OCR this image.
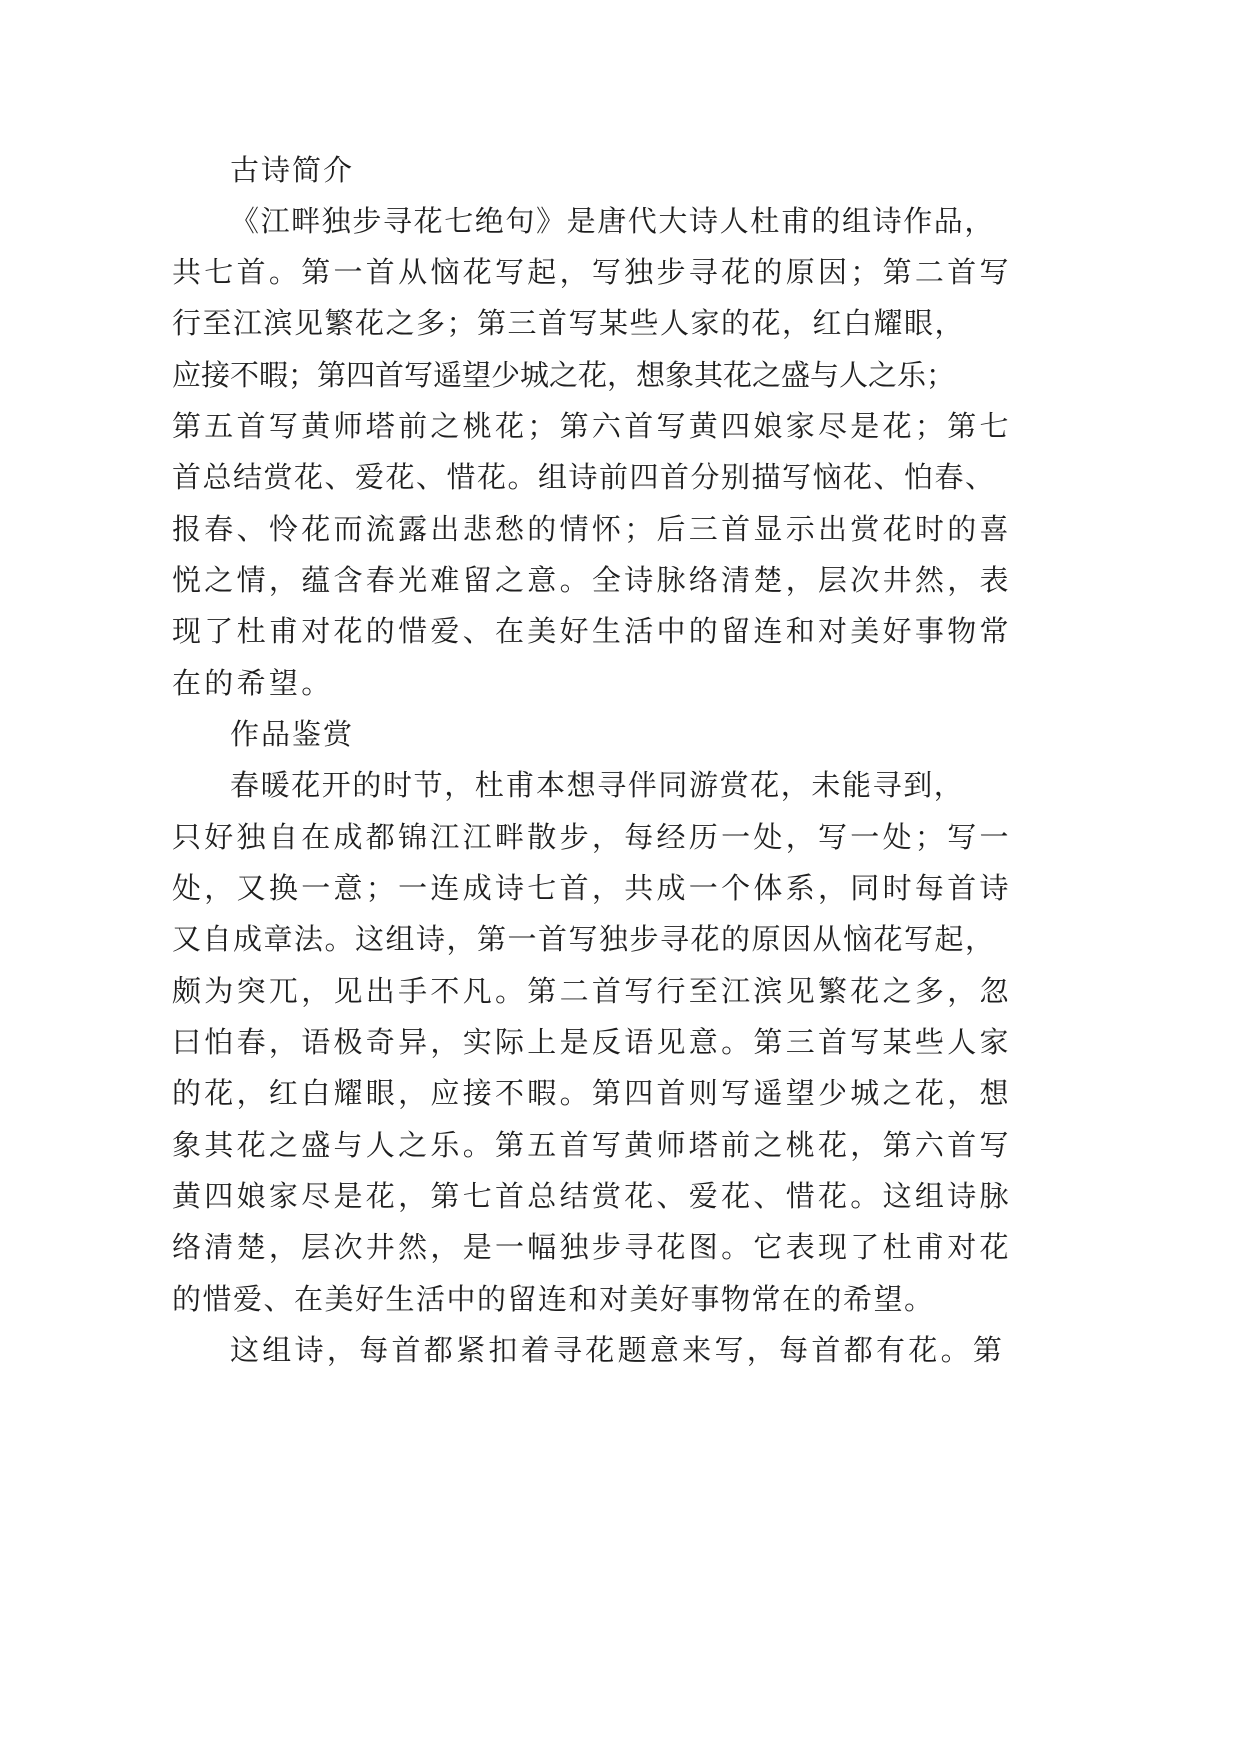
古诗简介
《江畔独步寻花七绝句》是唐代大诗人杜甫的组诗作品，
共七首。第一首从恼花写起，写独步寻花的原因；第二首写
行至江滨见繁花之多；第三首写某些人家的花，红白耀眼，
应接不暇；第四首写遥望少城之花，想象其花之盛与人之乐；
第五首写黄师塔前之桃花；第六首写黄四娘家尽是花；第七
首总结赏花、爱花、惜花。组诗前四首分别描写恼花、怕春、
报春、怜花而流露出悲愁的情怀；后三首显示出赏花时的喜
悦之情，蕴含春光难留之意。全诗脉络清楚，层次井然，表
现了杜甫对花的惜爱、在美好生活中的留连和对美好事物常
在的希望。
作品鉴赏
春暖花开的时节，杜甫本想寻伴同游赏花，未能寻到，
只好独自在成都锦江江畔散步，每经历一处，写一处；写一
处，又换一意；一连成诗七首，共成一个体系，同时每首诗
又自成章法。这组诗，第一首写独步寻花的原因从恼花写起，
颇为突兀，见出手不凡。第二首写行至江滨见繁花之多，忽
曰怕春，语极奇异，实际上是反语见意。第三首写某些人家
的花，红白耀眼，应接不暇。第四首则写遥望少城之花，想
象其花之盛与人之乐。第五首写黄师塔前之桃花，第六首写
黄四娘家尽是花，第七首总结赏花、爱花、惜花。这组诗脉
络清楚，层次井然，是一幅独步寻花图。它表现了杜甫对花
的惜爱、在美好生活中的留连和对美好事物常在的希望。
这组诗，每首都紧扣着寻花题意来写，每首都有花。第
